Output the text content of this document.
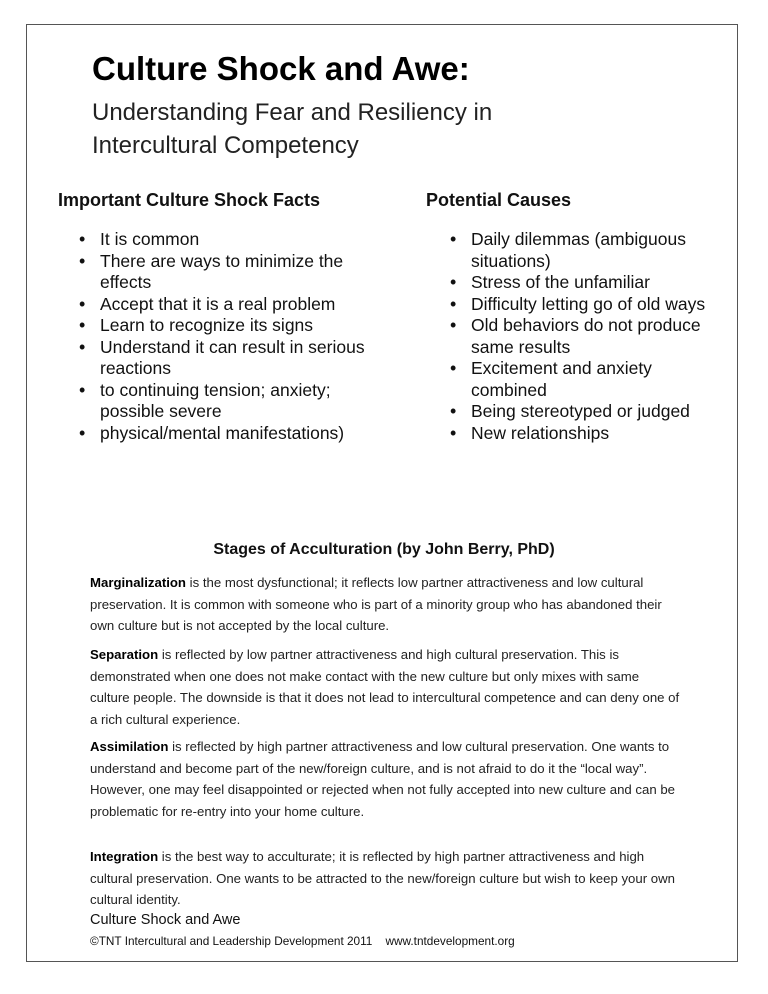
Culture Shock and Awe:
Understanding Fear and Resiliency in
Intercultural Competency
Important Culture Shock Facts
• It is common
• There are ways to minimize the effects
• Accept that it is a real problem
• Learn to recognize its signs
• Understand it can result in serious reactions
• to continuing tension; anxiety; possible severe
• physical/mental manifestations)
Potential Causes
• Daily dilemmas (ambiguous situations)
• Stress of the unfamiliar
• Difficulty letting go of old ways
• Old behaviors do not produce same results
• Excitement and anxiety combined
• Being stereotyped or judged
• New relationships
Stages of Acculturation (by John Berry, PhD)
Marginalization is the most dysfunctional; it reflects low partner attractiveness and low cultural preservation. It is common with someone who is part of a minority group who has abandoned their own culture but is not accepted by the local culture.
Separation is reflected by low partner attractiveness and high cultural preservation. This is demonstrated when one does not make contact with the new culture but only mixes with same culture people. The downside is that it does not lead to intercultural competence and can deny one of a rich cultural experience.
Assimilation is reflected by high partner attractiveness and low cultural preservation. One wants to understand and become part of the new/foreign culture, and is not afraid to do it the “local way”. However, one may feel disappointed or rejected when not fully accepted into new culture and can be problematic for re-entry into your home culture.
Integration is the best way to acculturate; it is reflected by high partner attractiveness and high cultural preservation. One wants to be attracted to the new/foreign culture but wish to keep your own cultural identity.
Culture Shock and Awe
©TNT Intercultural and Leadership Development 2011 www.tntdevelopment.org
